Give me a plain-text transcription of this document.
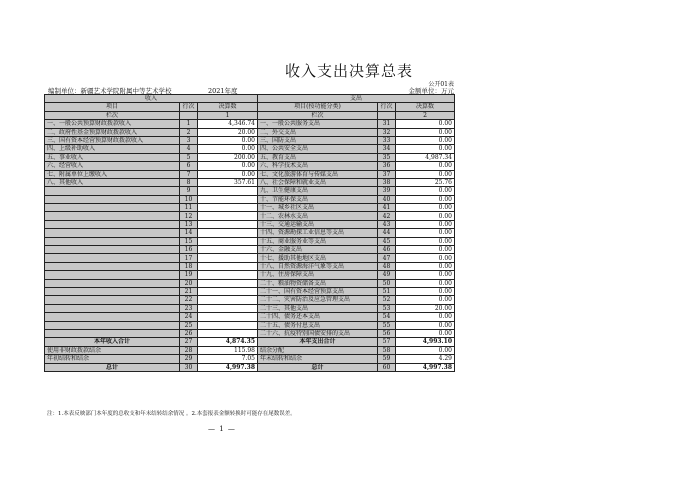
收入支出决算总表
公开01表
编制单位：新疆艺术学院附属中等艺术学校	2021年度	金额单位：万元
收入			支出		
项目	行次	决算数	项目(按功能分类)	行次	决算数
栏次		1	栏次		2
一、一般公共预算财政拨款收入	1	4,346.74	一、一般公共服务支出	31	0.00
二、政府性基金预算财政拨款收入	2	20.00	二、外交支出	32	0.00
三、国有资本经营预算财政拨款收入	3	0.00	三、国防支出	33	0.00
四、上级补助收入	4	0.00	四、公共安全支出	34	0.00
五、事业收入	5	200.00	五、教育支出	35	4,987.34
六、经营收入	6	0.00	六、科学技术支出	36	0.00
七、附属单位上缴收入	7	0.00	七、文化旅游体育与传媒支出	37	0.00
八、其他收入	8	357.61	八、社会保障和就业支出	38	25.76
	9		九、卫生健康支出	39	0.00
	10		十、节能环保支出	40	0.00
	11		十一、城乡社区支出	41	0.00
	12		十二、农林水支出	42	0.00
	13		十三、交通运输支出	43	0.00
	14		十四、资源勘探工业信息等支出	44	0.00
	15		十五、商业服务业等支出	45	0.00
	16		十六、金融支出	46	0.00
	17		十七、援助其他地区支出	47	0.00
	18		十八、自然资源海洋气象等支出	48	0.00
	19		十九、住房保障支出	49	0.00
	20		二十、粮油物资储备支出	50	0.00
	21		二十一、国有资本经营预算支出	51	0.00
	22		二十二、灾害防治及应急管理支出	52	0.00
	23		二十三、其他支出	53	20.00
	24		二十四、债务还本支出	54	0.00
	25		二十五、债务付息支出	55	0.00
	26		二十六、抗疫特别国债安排的支出	56	0.00
本年收入合计	27	4,874.35	本年支出合计	57	4,993.10
使用非财政拨款结余	28	115.98	结余分配	58	0.00
年初结转和结余	29	7.05	年末结转和结余	59	4.29
总计	30	4,997.38	总计	60	4,997.38
注：1.本表反映部门本年度的总收支和年末结转结余情况 。2.本套报表金额转换时可能存在尾数误差。
— 1 —
